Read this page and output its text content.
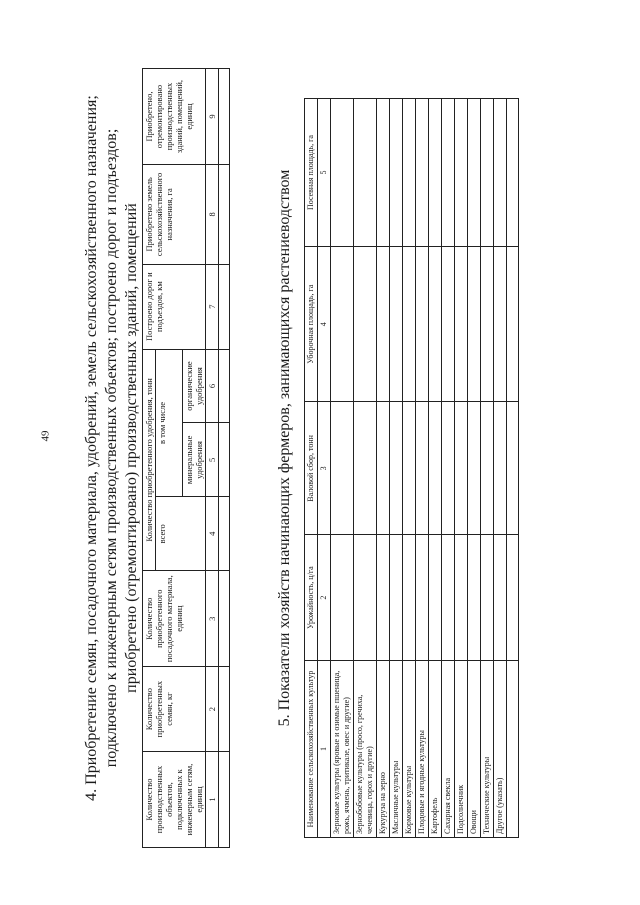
49 4. Приобретение семян, посадочного материала, удобрений, земель сельскохозяйственного назначения; подключено к инженерным сетям производственных объектов; построено дорог и подъездов; приобретено (отремонтировано) производственных зданий, помещений
Количество производственных объектов, подключенных к инженерным сетям, единиц	Количество приобретенных семян, кг	Количество приобретенного посадочного материала, единиц	Количество приобретенного удобрения, тонн			Построено дорог и подъездов, км	Приобретено земель сельскохозяйственного назначения, га	Приобретено, отремонтировано производственных зданий, помещений, единиц
			всего	в том числе				
				минеральные удобрения	органические удобрения			
1	2	3	4	5	6	7	8	9

5. Показатели хозяйств начинающих фермеров, занимающихся растениеводством
Наименование сельскохозяйственных культур	Урожайность, ц/га	Валовой сбор, тонн	Уборочная площадь, га	Посевная площадь, га
1	2	3	4	5
Зерновые культуры (яровые и озимые пшеница, рожь, ячмень, тритикале, овес и другие)				
Зернобобовые культуры (просо, гречиха, чечевица, горох и другие)				
Кукуруза на зерно				
Масличные культуры				
Кормовые культуры				
Плодовые и ягодные культуры				
Картофель				
Сахарная свекла				
Подсолнечник				
Овощи				
Технические культуры				
Другое (указать)				
